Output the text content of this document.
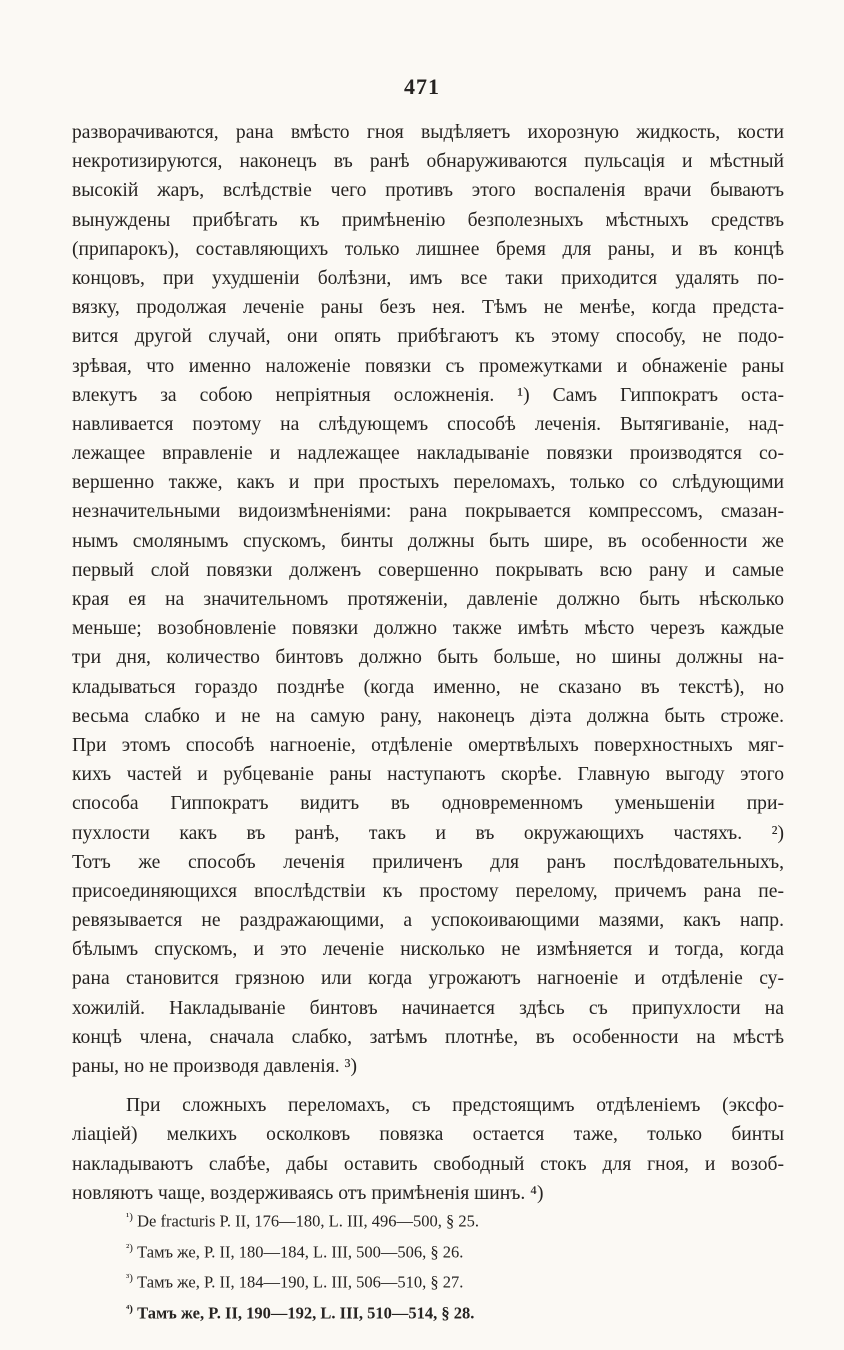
471
разворачиваются, рана вмѣсто гноя выдѣляетъ ихорозную жидкость, кости
некротизируются, наконецъ въ ранѣ обнаруживаются пульсація и мѣстный
высокій жаръ, вслѣдствіе чего противъ этого воспаленія врачи бываютъ
вынуждены прибѣгать къ примѣненію безполезныхъ мѣстныхъ средствъ
(припарокъ), составляющихъ только лишнее бремя для раны, и въ концѣ
концовъ, при ухудшеніи болѣзни, имъ все таки приходится удалять по-
вязку, продолжая леченіе раны безъ нея. Тѣмъ не менѣе, когда предста-
вится другой случай, они опять прибѣгаютъ къ этому способу, не подо-
зрѣвая, что именно наложеніе повязки съ промежутками и обнаженіе раны
влекутъ за собою непріятныя осложненія. ¹) Самъ Гиппократъ оста-
навливается поэтому на слѣдующемъ способѣ леченія. Вытягиваніе, над-
лежащее вправленіе и надлежащее накладываніе повязки производятся со-
вершенно также, какъ и при простыхъ переломахъ, только со слѣдующими
незначительными видоизмѣненіями: рана покрывается компрессомъ, смазан-
нымъ смолянымъ спускомъ, бинты должны быть шире, въ особенности же
первый слой повязки долженъ совершенно покрывать всю рану и самые
края ея на значительномъ протяженіи, давленіе должно быть нѣсколько
меньше; возобновленіе повязки должно также имѣть мѣсто черезъ каждые
три дня, количество бинтовъ должно быть больше, но шины должны на-
кладываться гораздо позднѣе (когда именно, не сказано въ текстѣ), но
весьма слабко и не на самую рану, наконецъ діэта должна быть строже.
При этомъ способѣ нагноеніе, отдѣленіе омертвѣлыхъ поверхностныхъ мяг-
кихъ частей и рубцеваніе раны наступаютъ скорѣе. Главную выгоду этого
способа Гиппократъ видитъ въ одновременномъ уменьшеніи при-
пухлости какъ въ ранѣ, такъ и въ окружающихъ частяхъ. ²)
Тотъ же способъ леченія приличенъ для ранъ послѣдовательныхъ,
присоединяющихся впослѣдствіи къ простому перелому, причемъ рана пе-
ревязывается не раздражающими, а успокоивающими мазями, какъ напр.
бѣлымъ спускомъ, и это леченіе нисколько не измѣняется и тогда, когда
рана становится грязною или когда угрожаютъ нагноеніе и отдѣленіе су-
хожилій. Накладываніе бинтовъ начинается здѣсь съ припухлости на
концѣ члена, сначала слабко, затѣмъ плотнѣе, въ особенности на мѣстѣ
раны, но не производя давленія. ³)
При сложныхъ переломахъ, съ предстоящимъ отдѣленіемъ (эксфо-
ліаціей) мелкихъ осколковъ повязка остается таже, только бинты
накладываютъ слабѣе, дабы оставить свободный стокъ для гноя, и возоб-
новляютъ чаще, воздерживаясь отъ примѣненія шинъ. ⁴)
$^{^1)}$ De fracturis P. II, 176—180, L. III, 496—500, § 25.
$^{^2)}$ Тамъ же, P. II, 180—184, L. III, 500—506, § 26.
$^{^3)}$ Тамъ же, P. II, 184—190, L. III, 506—510, § 27.
$^{^4)}$ Тамъ же, P. II, 190—192, L. III, 510—514, § 28.
